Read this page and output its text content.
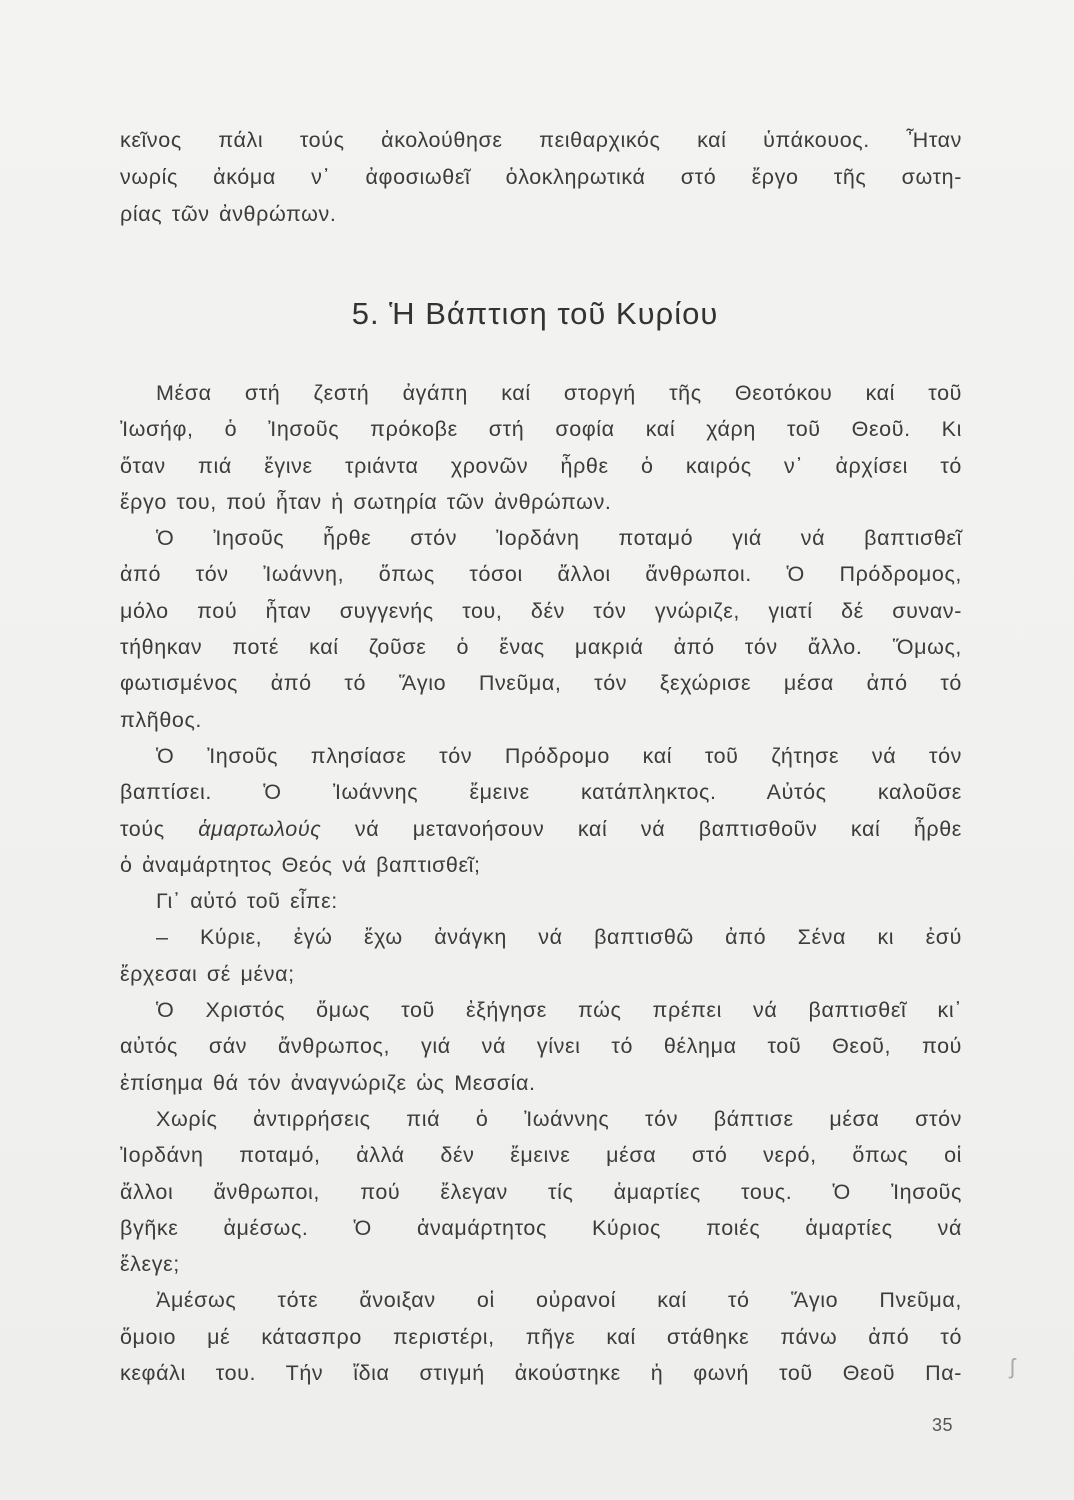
κεῖνος πάλι τούς ἀκολούθησε πειθαρχικός καί ὑπάκουος. Ἦταν
νωρίς ἀκόμα ν᾽ ἀφοσιωθεῖ ὁλοκληρωτικά στό ἔργο τῆς σωτη-
ρίας τῶν ἀνθρώπων.
5. Ἡ Βάπτιση τοῦ Κυρίου
Μέσα στή ζεστή ἀγάπη καί στοργή τῆς Θεοτόκου καί τοῦ
Ἰωσήφ, ὁ Ἰησοῦς πρόκοβε στή σοφία καί χάρη τοῦ Θεοῦ. Κι
ὅταν πιά ἔγινε τριάντα χρονῶν ἦρθε ὁ καιρός ν᾽ ἀρχίσει τό
ἔργο του, πού ἦταν ἡ σωτηρία τῶν ἀνθρώπων.
Ὁ Ἰησοῦς ἦρθε στόν Ἰορδάνη ποταμό γιά νά βαπτισθεῖ
ἀπό τόν Ἰωάννη, ὅπως τόσοι ἄλλοι ἄνθρωποι. Ὁ Πρόδρομος,
μόλο πού ἦταν συγγενής του, δέν τόν γνώριζε, γιατί δέ συναν-
τήθηκαν ποτέ καί ζοῦσε ὁ ἕνας μακριά ἀπό τόν ἄλλο. Ὅμως,
φωτισμένος ἀπό τό Ἅγιο Πνεῦμα, τόν ξεχώρισε μέσα ἀπό τό
πλῆθος.
Ὁ Ἰησοῦς πλησίασε τόν Πρόδρομο καί τοῦ ζήτησε νά τόν
βαπτίσει. Ὁ Ἰωάννης ἔμεινε κατάπληκτος. Αὐτός καλοῦσε
τούς ἁμαρτωλούς νά μετανοήσουν καί νά βαπτισθοῦν καί ἦρθε
ὁ ἀναμάρτητος Θεός νά βαπτισθεῖ;
Γι᾽ αὐτό τοῦ εἶπε:
– Κύριε, ἐγώ ἔχω ἀνάγκη νά βαπτισθῶ ἀπό Σένα κι ἐσύ
ἔρχεσαι σέ μένα;
Ὁ Χριστός ὅμως τοῦ ἐξήγησε πώς πρέπει νά βαπτισθεῖ κι᾽
αὐτός σάν ἄνθρωπος, γιά νά γίνει τό θέλημα τοῦ Θεοῦ, πού
ἐπίσημα θά τόν ἀναγνώριζε ὡς Μεσσία.
Χωρίς ἀντιρρήσεις πιά ὁ Ἰωάννης τόν βάπτισε μέσα στόν
Ἰορδάνη ποταμό, ἀλλά δέν ἔμεινε μέσα στό νερό, ὅπως οἱ
ἄλλοι ἄνθρωποι, πού ἔλεγαν τίς ἁμαρτίες τους. Ὁ Ἰησοῦς
βγῆκε ἀμέσως. Ὁ ἀναμάρτητος Κύριος ποιές ἁμαρτίες νά
ἔλεγε;
Ἀμέσως τότε ἄνοιξαν οἱ οὐρανοί καί τό Ἅγιο Πνεῦμα,
ὅμοιο μέ κάτασπρο περιστέρι, πῆγε καί στάθηκε πάνω ἀπό τό
κεφάλι του. Τήν ἴδια στιγμή ἀκούστηκε ἡ φωνή τοῦ Θεοῦ Πα-
35
ʃ
